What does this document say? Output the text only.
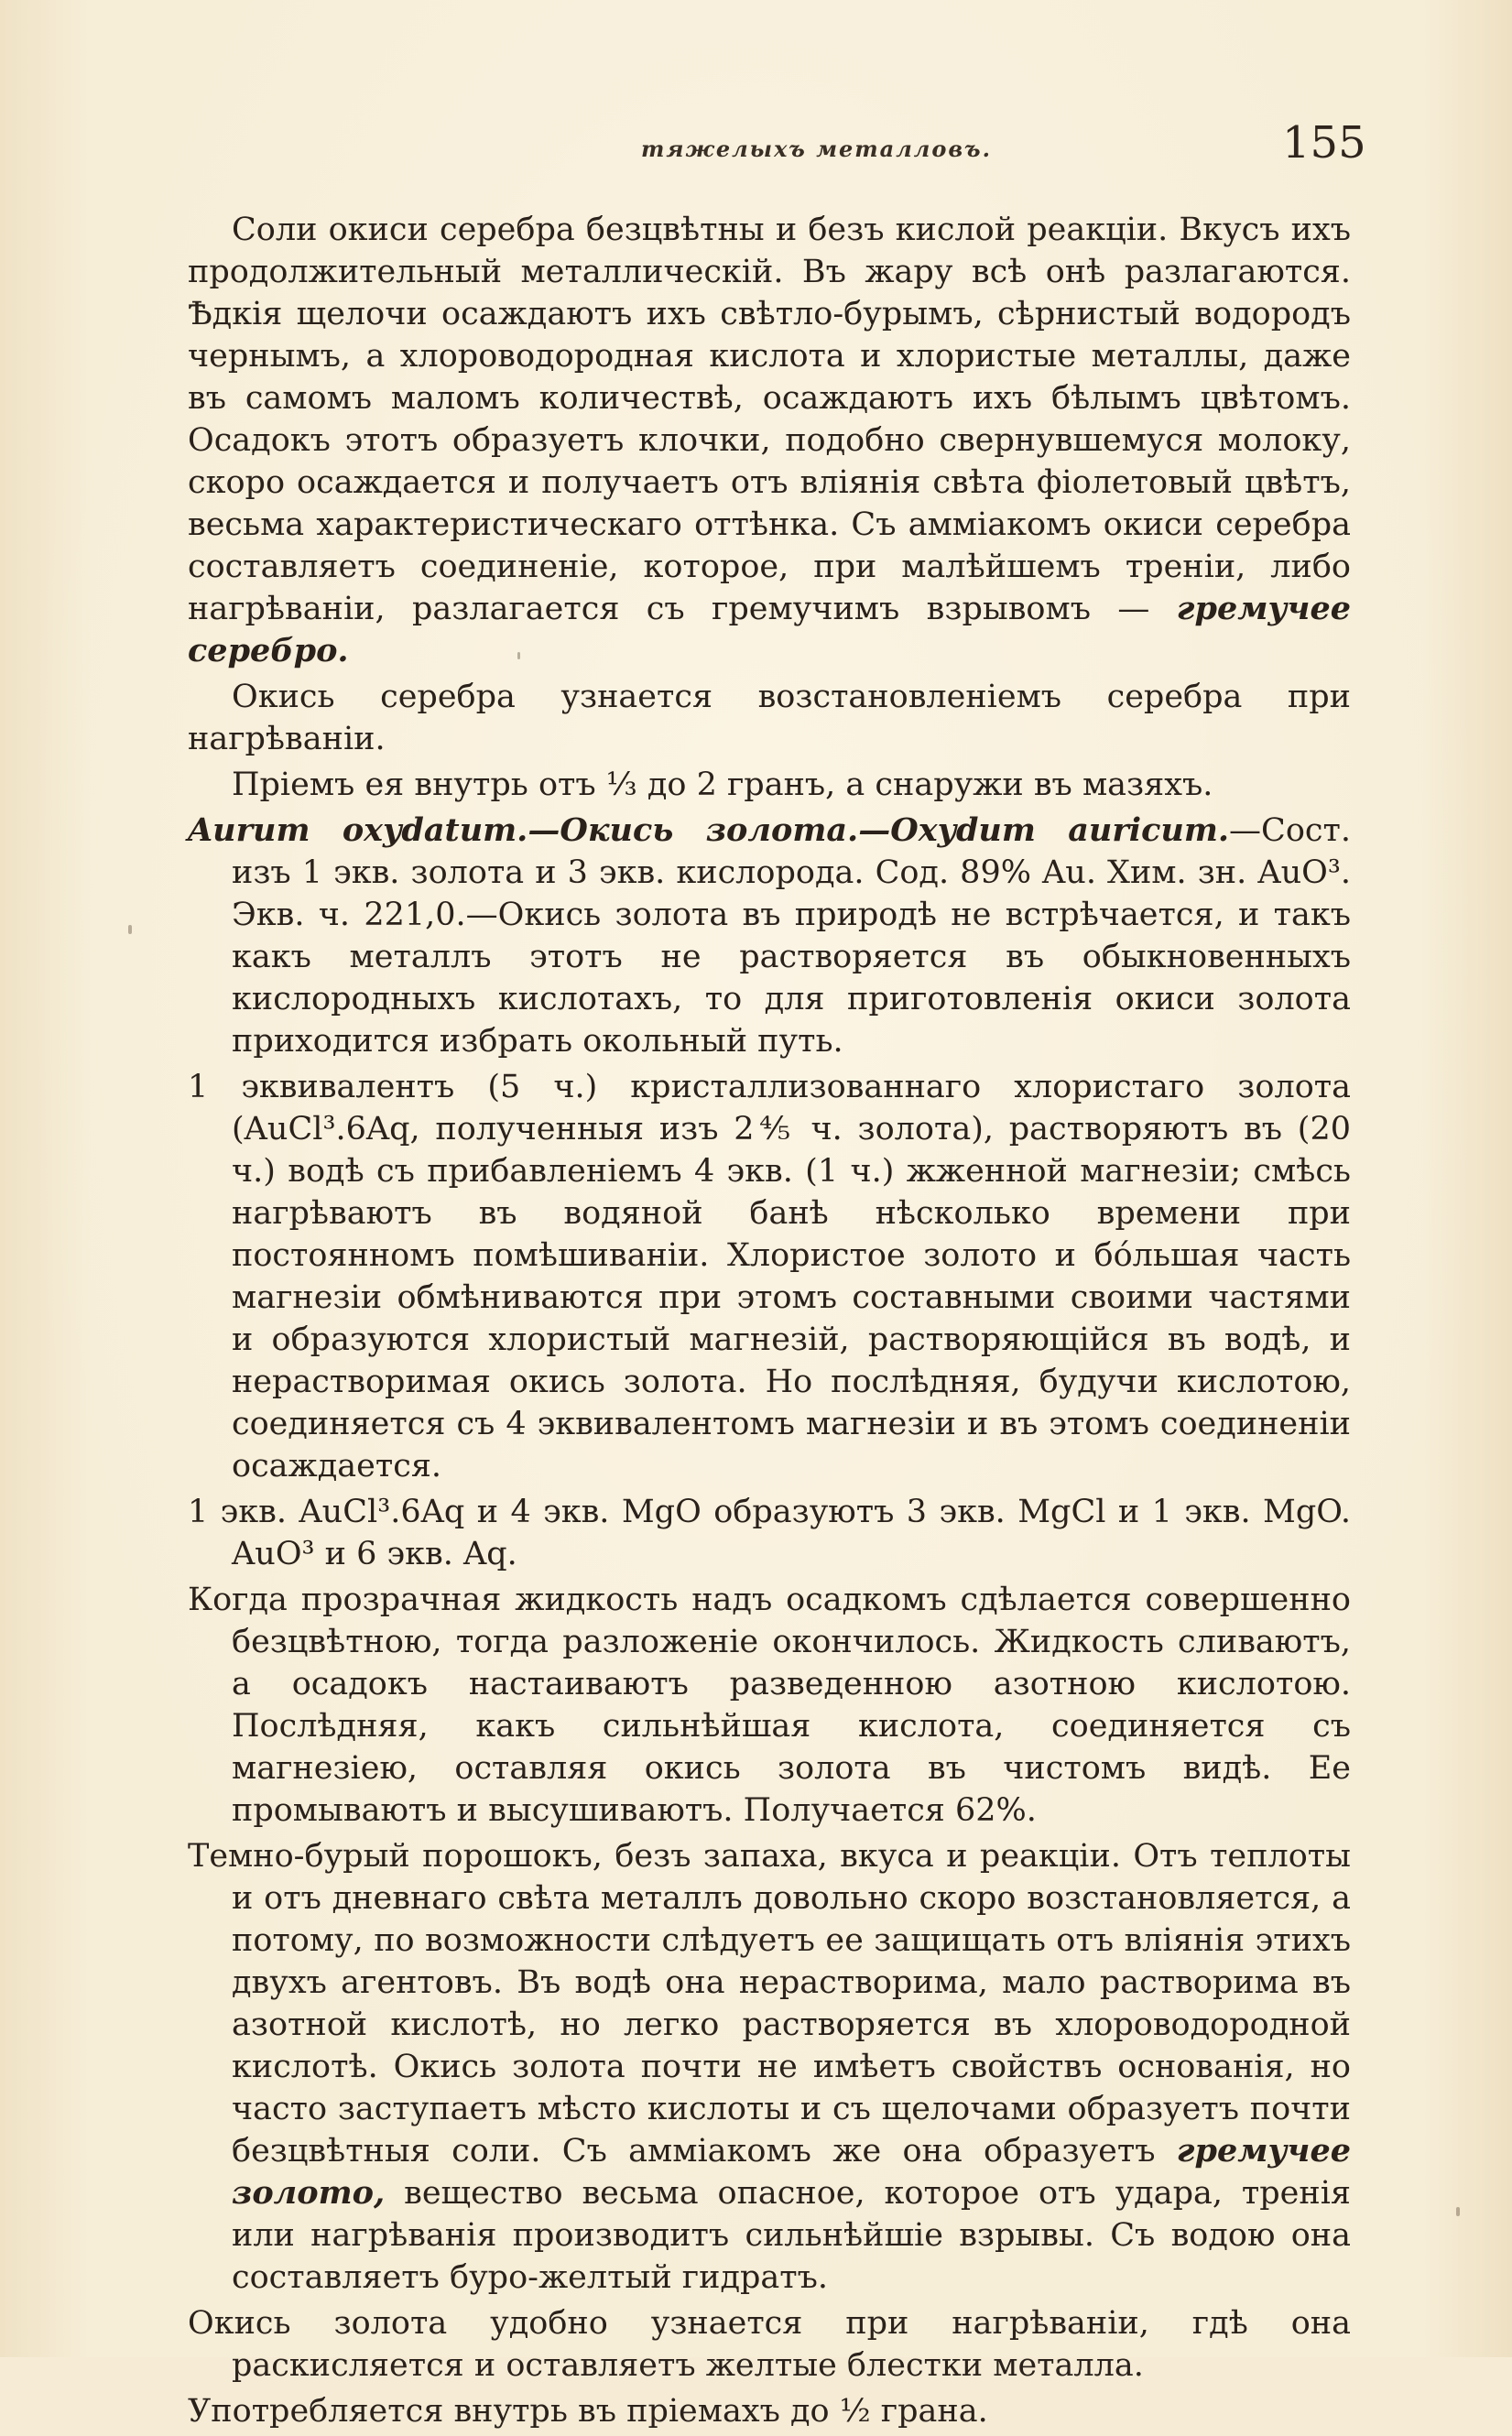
тяжелыхъ металловъ.	155

Соли окиси серебра безцвѣтны и безъ кислой реакціи. Вкусъ ихъ продолжительный металлическій. Въ жару всѣ онѣ разлагаются. Ѣдкія щелочи осаждаютъ ихъ свѣтло-бурымъ, сѣрнистый водородъ чернымъ, а хлороводородная кислота и хлористые металлы, даже въ самомъ маломъ количествѣ, осаждаютъ ихъ бѣлымъ цвѣтомъ. Осадокъ этотъ образуетъ клочки, подобно свернувшемуся молоку, скоро осаждается и получаетъ отъ вліянія свѣта фіолетовый цвѣтъ, весьма характеристическаго оттѣнка. Съ амміакомъ окиси серебра составляетъ соединеніе, которое, при малѣйшемъ треніи, либо нагрѣваніи, разлагается съ гремучимъ взрывомъ — гремучее серебро.

Окись серебра узнается возстановленіемъ серебра при нагрѣваніи.

Пріемъ ея внутрь отъ ⅓ до 2 гранъ, а снаружи въ мазяхъ.

Aurum oxydatum.—Окись золота.—Oxydum auricum.—Сост. изъ 1 экв. золота и 3 экв. кислорода. Сод. 89% Au. Хим. зн. AuO³. Экв. ч. 221,0.—Окись золота въ природѣ не встрѣчается, и такъ какъ металлъ этотъ не растворяется въ обыкновенныхъ кислородныхъ кислотахъ, то для приготовленія окиси золота приходится избрать окольный путь.

1 эквивалентъ (5 ч.) кристаллизованнаго хлористаго золота (AuCl³.6Aq, полученныя изъ 2⅘ ч. золота), растворяютъ въ (20 ч.) водѣ съ прибавленіемъ 4 экв. (1 ч.) жженной магнезіи; смѣсь нагрѣваютъ въ водяной банѣ нѣсколько времени при постоянномъ помѣшиваніи. Хлористое золото и бóльшая часть магнезіи обмѣниваются при этомъ составными своими частями и образуются хлористый магнезій, растворяющійся въ водѣ, и нерастворимая окись золота. Но послѣдняя, будучи кислотою, соединяется съ 4 эквивалентомъ магнезіи и въ этомъ соединеніи осаждается.

1 экв. AuCl³.6Aq и 4 экв. MgO образуютъ 3 экв. MgCl и 1 экв. MgO. AuO³ и 6 экв. Aq.

Когда прозрачная жидкость надъ осадкомъ сдѣлается совершенно безцвѣтною, тогда разложеніе окончилось. Жидкость сливаютъ, а осадокъ настаиваютъ разведенною азотною кислотою. Послѣдняя, какъ сильнѣйшая кислота, соединяется съ магнезіею, оставляя окись золота въ чистомъ видѣ. Ее промываютъ и высушиваютъ. Получается 62%.

Темно-бурый порошокъ, безъ запаха, вкуса и реакціи. Отъ теплоты и отъ дневнаго свѣта металлъ довольно скоро возстановляется, а потому, по возможности слѣдуетъ ее защищать отъ вліянія этихъ двухъ агентовъ. Въ водѣ она нерастворима, мало растворима въ азотной кислотѣ, но легко растворяется въ хлороводородной кислотѣ. Окись золота почти не имѣетъ свойствъ основанія, но часто заступаетъ мѣсто кислоты и съ щелочами образуетъ почти безцвѣтныя соли. Съ амміакомъ же она образуетъ гремучее золото, вещество весьма опасное, которое отъ удара, тренія или нагрѣванія производитъ сильнѣйшіе взрывы. Съ водою она составляетъ буро-желтый гидратъ.

Окись золота удобно узнается при нагрѣваніи, гдѣ она раскисляется и оставляетъ желтые блестки металла.

Употребляется внутрь въ пріемахъ до ½ грана.
